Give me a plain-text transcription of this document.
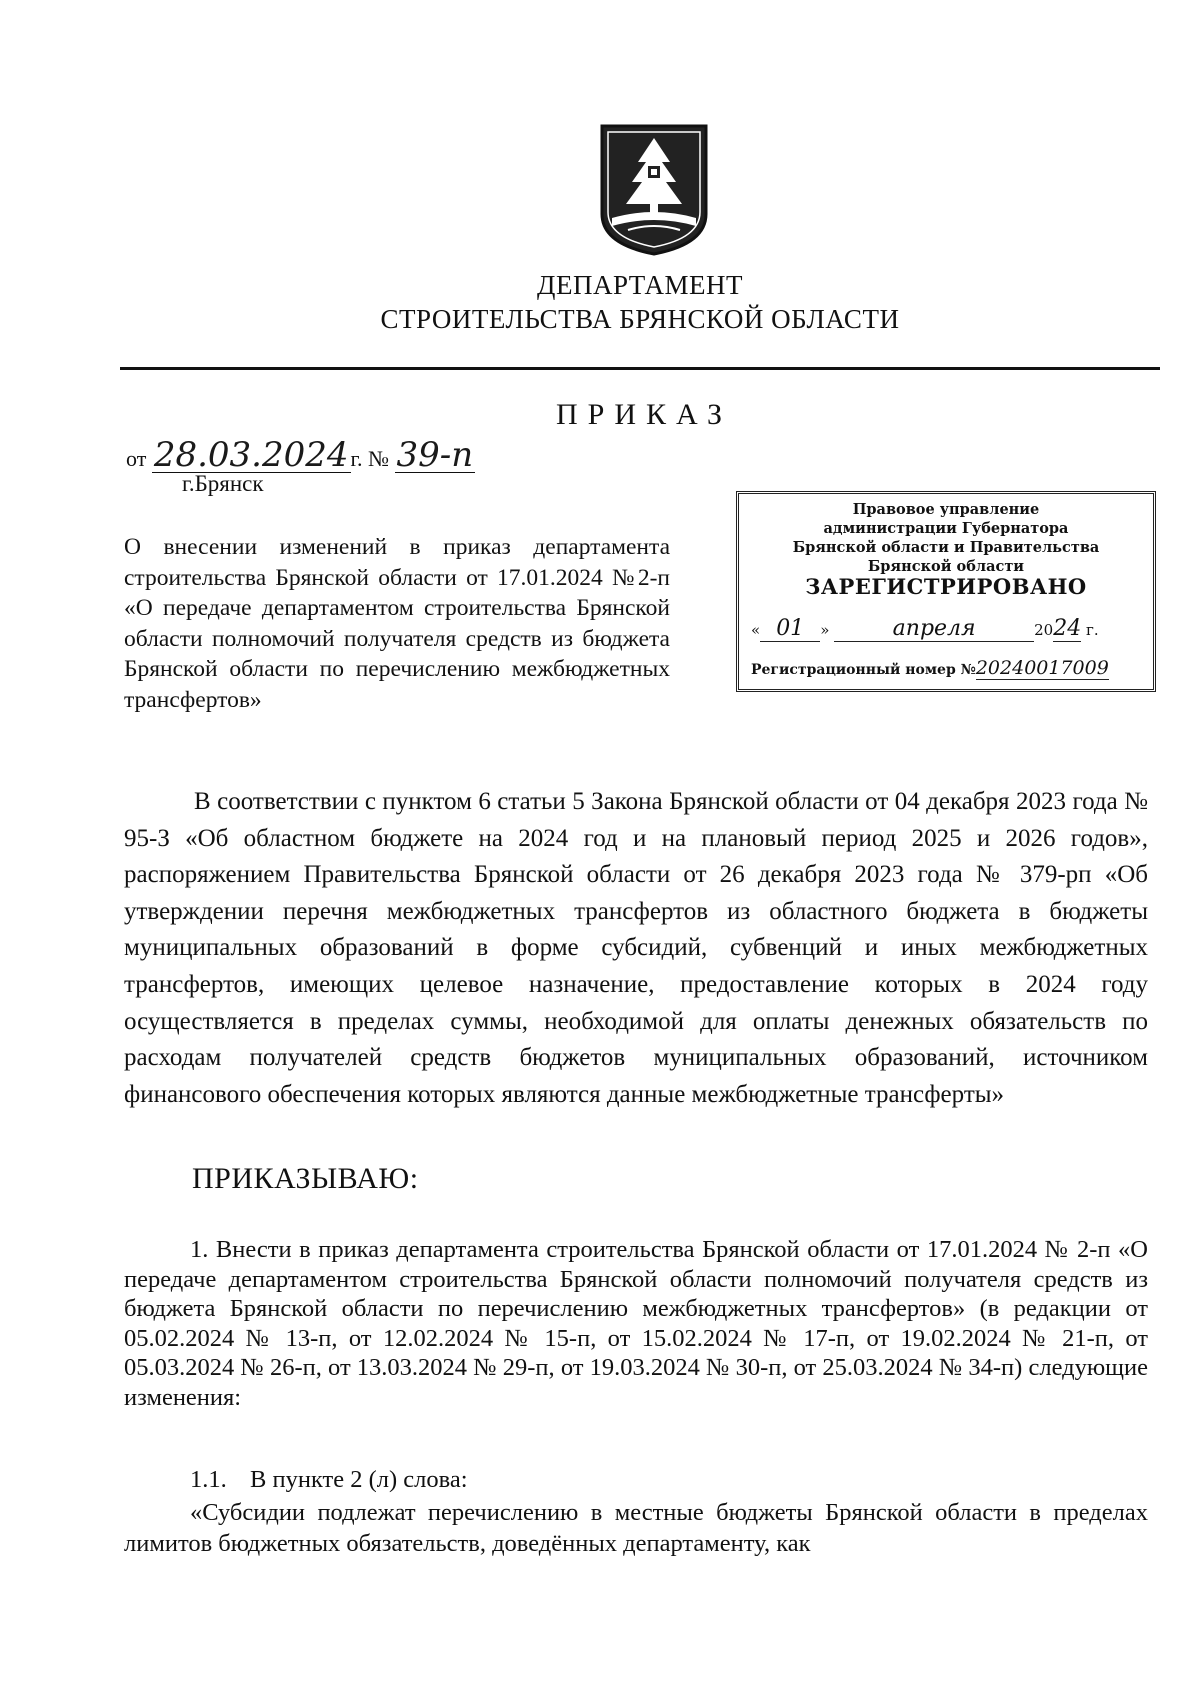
ДЕПАРТАМЕНТ
СТРОИТЕЛЬСТВА БРЯНСКОЙ ОБЛАСТИ
ПРИКАЗ
от 28.03.2024г. № 39-п
г.Брянск
О внесении изменений в приказ департамента строительства Брянской области от 17.01.2024 №2-п «О передаче департаментом строительства Брянской области полномочий получателя средств из бюджета Брянской области по перечислению межбюджетных трансфертов»
Правовое управление
администрации Губернатора
Брянской области и Правительства
Брянской области
ЗАРЕГИСТРИРОВАНО
« 01 »	апреля	2024 г.
Регистрационный номер №20240017009
В соответствии с пунктом 6 статьи 5 Закона Брянской области от 04 декабря 2023 года № 95-З «Об областном бюджете на 2024 год и на плановый период 2025 и 2026 годов», распоряжением Правительства Брянской области от 26 декабря 2023 года № 379-рп «Об утверждении перечня межбюджетных трансфертов из областного бюджета в бюджеты муниципальных образований в форме субсидий, субвенций и иных межбюджетных трансфертов, имеющих целевое назначение, предоставление которых в 2024 году осуществляется в пределах суммы, необходимой для оплаты денежных обязательств по расходам получателей средств бюджетов муниципальных образований, источником финансового обеспечения которых являются данные межбюджетные трансферты»
ПРИКАЗЫВАЮ:
1. Внести в приказ департамента строительства Брянской области от 17.01.2024 № 2-п «О передаче департаментом строительства Брянской области полномочий получателя средств из бюджета Брянской области по перечислению межбюджетных трансфертов» (в редакции от 05.02.2024 № 13-п, от 12.02.2024 № 15-п, от 15.02.2024 № 17-п, от 19.02.2024 № 21-п, от 05.03.2024 № 26-п, от 13.03.2024 № 29-п, от 19.03.2024 № 30-п, от 25.03.2024 № 34-п) следующие изменения:
1.1. В пункте 2 (л) слова:
«Субсидии подлежат перечислению в местные бюджеты Брянской области в пределах лимитов бюджетных обязательств, доведённых департаменту, как
